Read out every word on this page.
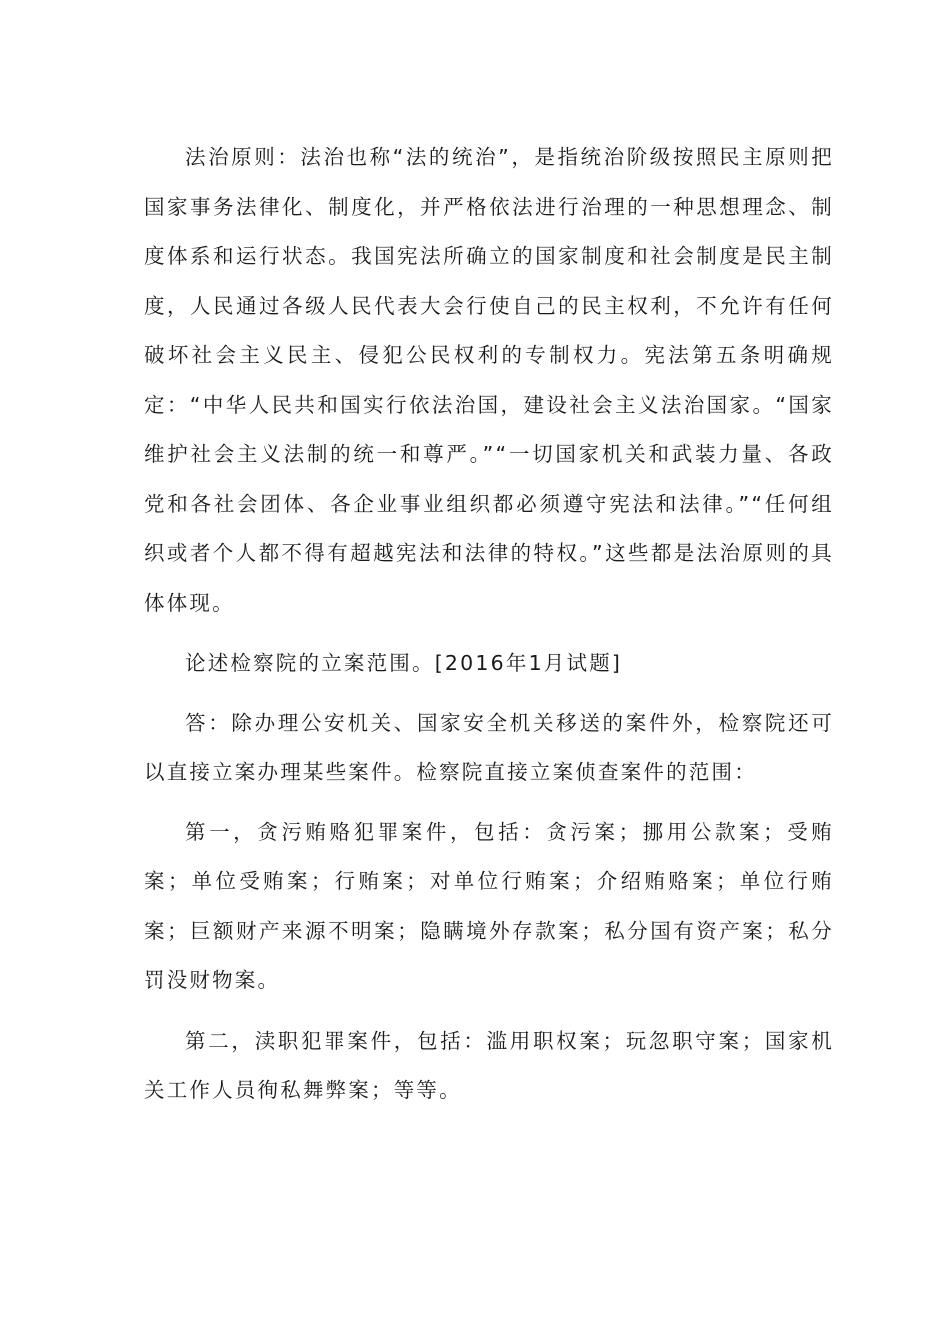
法治原则：法治也称“法的统治”，是指统治阶级按照民主原则把国家事务法律化、制度化，并严格依法进行治理的一种思想理念、制度体系和运行状态。我国宪法所确立的国家制度和社会制度是民主制度，人民通过各级人民代表大会行使自己的民主权利，不允许有任何破坏社会主义民主、侵犯公民权利的专制权力。宪法第五条明确规定：“中华人民共和国实行依法治国，建设社会主义法治国家。“国家维护社会主义法制的统一和尊严。”“一切国家机关和武装力量、各政党和各社会团体、各企业事业组织都必须遵守宪法和法律。”“任何组织或者个人都不得有超越宪法和法律的特权。”这些都是法治原则的具体体现。

论述检察院的立案范围。[2016年1月试题]

答：除办理公安机关、国家安全机关移送的案件外，检察院还可以直接立案办理某些案件。检察院直接立案侦查案件的范围：

第一，贪污贿赂犯罪案件，包括：贪污案；挪用公款案；受贿案；单位受贿案；行贿案；对单位行贿案；介绍贿赂案；单位行贿案；巨额财产来源不明案；隐瞒境外存款案；私分国有资产案；私分罚没财物案。

第二，渎职犯罪案件，包括：滥用职权案；玩忽职守案；国家机关工作人员徇私舞弊案；等等。
